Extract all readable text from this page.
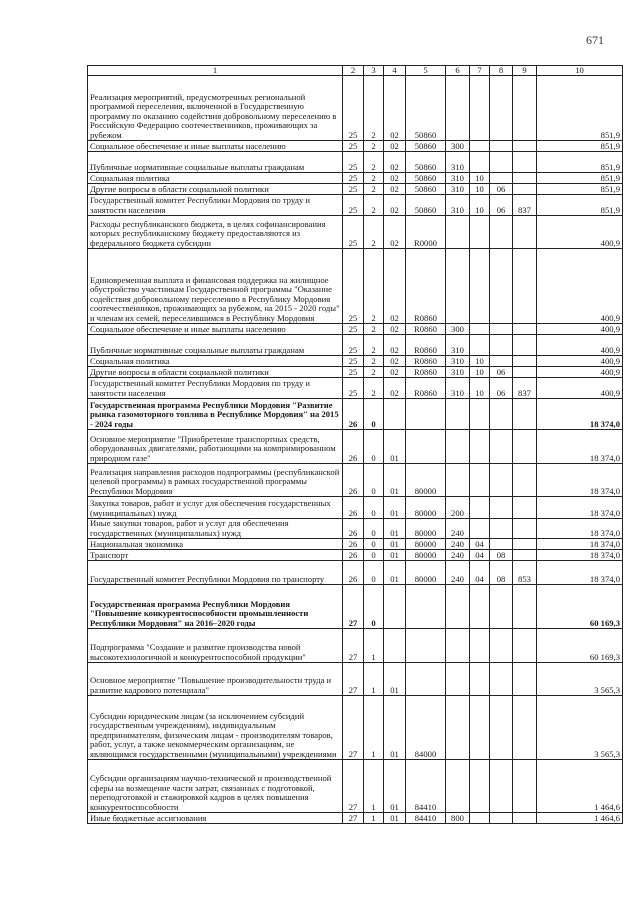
671
1	2	3	4	5	6	7	8	9	10
Реализация мероприятий, предусмотренных региональной программой переселения, включенной в Государственную программу по оказанию содействия добровольному переселению в Российскую Федерацию соотечественников, проживающих за рубежом	25	2	02	50860					851,9
Социальное обеспечение и иные выплаты населению	25	2	02	50860	300				851,9
Публичные нормативные социальные выплаты гражданам	25	2	02	50860	310				851,9
Социальная политика	25	2	02	50860	310	10			851,9
Другие вопросы в области социальной политики	25	2	02	50860	310	10	06		851,9
Государственный комитет Республики Мордовия по труду и занятости населения	25	2	02	50860	310	10	06	837	851,9
Расходы республиканского бюджета, в целях софинансирования которых республиканскому бюджету предоставляются из федерального бюджета субсидии	25	2	02	R0000					400,9
Единовременная выплата и финансовая поддержка на жилищное обустройство участникам Государственной программы "Оказание содействия добровольному переселению в Республику Мордовия соотечественников, проживающих за рубежом, на 2015 - 2020 годы" и членам их семей, переселившимся в Республику Мордовия	25	2	02	R0860					400,9
Социальное обеспечение и иные выплаты населению	25	2	02	R0860	300				400,9
Публичные нормативные социальные выплаты гражданам	25	2	02	R0860	310				400,9
Социальная политика	25	2	02	R0860	310	10			400,9
Другие вопросы в области социальной политики	25	2	02	R0860	310	10	06		400,9
Государственный комитет Республики Мордовия по труду и занятости населения	25	2	02	R0860	310	10	06	837	400,9
Государственная программа Республики Мордовия "Развитие рынка газомоторного топлива в Республике Мордовия" на 2015 - 2024 годы	26	0							18 374,0
Основное мероприятие "Приобретение транспортных средств, оборудованных двигателями, работающими на компримированном природном газе"	26	0	01						18 374,0
Реализация направления расходов подпрограммы (республиканской целевой программы) в рамках государственной программы Республики Мордовия	26	0	01	80000					18 374,0
Закупка товаров, работ и услуг для обеспечения государственных (муниципальных) нужд	26	0	01	80000	200				18 374,0
Иные закупки товаров, работ и услуг для обеспечения государственных (муниципальных) нужд	26	0	01	80000	240				18 374,0
Национальная экономика	26	0	01	80000	240	04			18 374,0
Транспорт	26	0	01	80000	240	04	08		18 374,0
Государственный комитет Республики Мордовия по транспорту	26	0	01	80000	240	04	08	853	18 374,0
Государственная программа Республики Мордовия "Повышение конкурентоспособности промышленности Республики Мордовия" на 2016–2020 годы	27	0							60 169,3
Подпрограмма "Создание и развитие производства новой высокотехнологичной и конкурентоспособной продукции"	27	1							60 169,3
Основное мероприятие "Повышение производительности труда и развитие кадрового потенциала"	27	1	01						3 565,3
Субсидии юридическим лицам (за исключением субсидий государственным учреждениям), индивидуальным предпринимателям, физическим лицам - производителям товаров, работ, услуг, а также некоммерческим организациям, не являющимся государственными (муниципальными) учреждениями	27	1	01	84000					3 565,3
Субсидии организациям научно-технической и производственной сферы на возмещение части затрат, связанных с подготовкой, переподготовкой и стажировкой кадров в целях повышения конкурентоспособности	27	1	01	84410					1 464,6
Иные бюджетные ассигнования	27	1	01	84410	800				1 464,6
